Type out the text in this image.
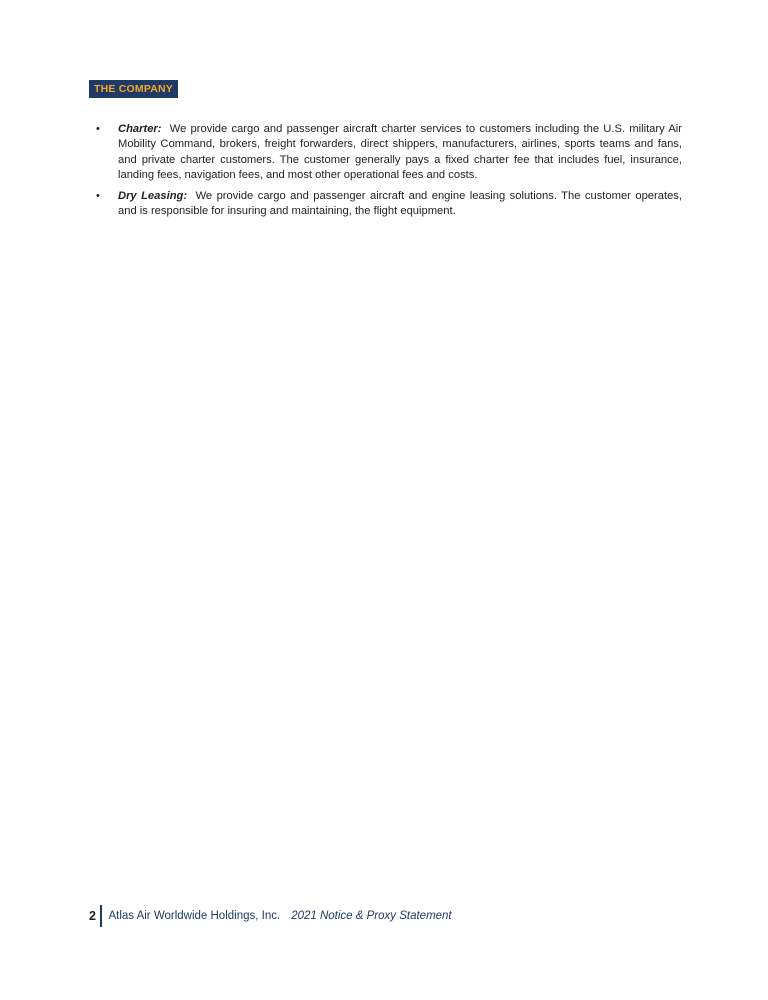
THE COMPANY
•	Charter: We provide cargo and passenger aircraft charter services to customers including the U.S. military Air Mobility Command, brokers, freight forwarders, direct shippers, manufacturers, airlines, sports teams and fans, and private charter customers. The customer generally pays a fixed charter fee that includes fuel, insurance, landing fees, navigation fees, and most other operational fees and costs.
•	Dry Leasing: We provide cargo and passenger aircraft and engine leasing solutions. The customer operates, and is responsible for insuring and maintaining, the flight equipment.
2 Atlas Air Worldwide Holdings, Inc. 2021 Notice & Proxy Statement
